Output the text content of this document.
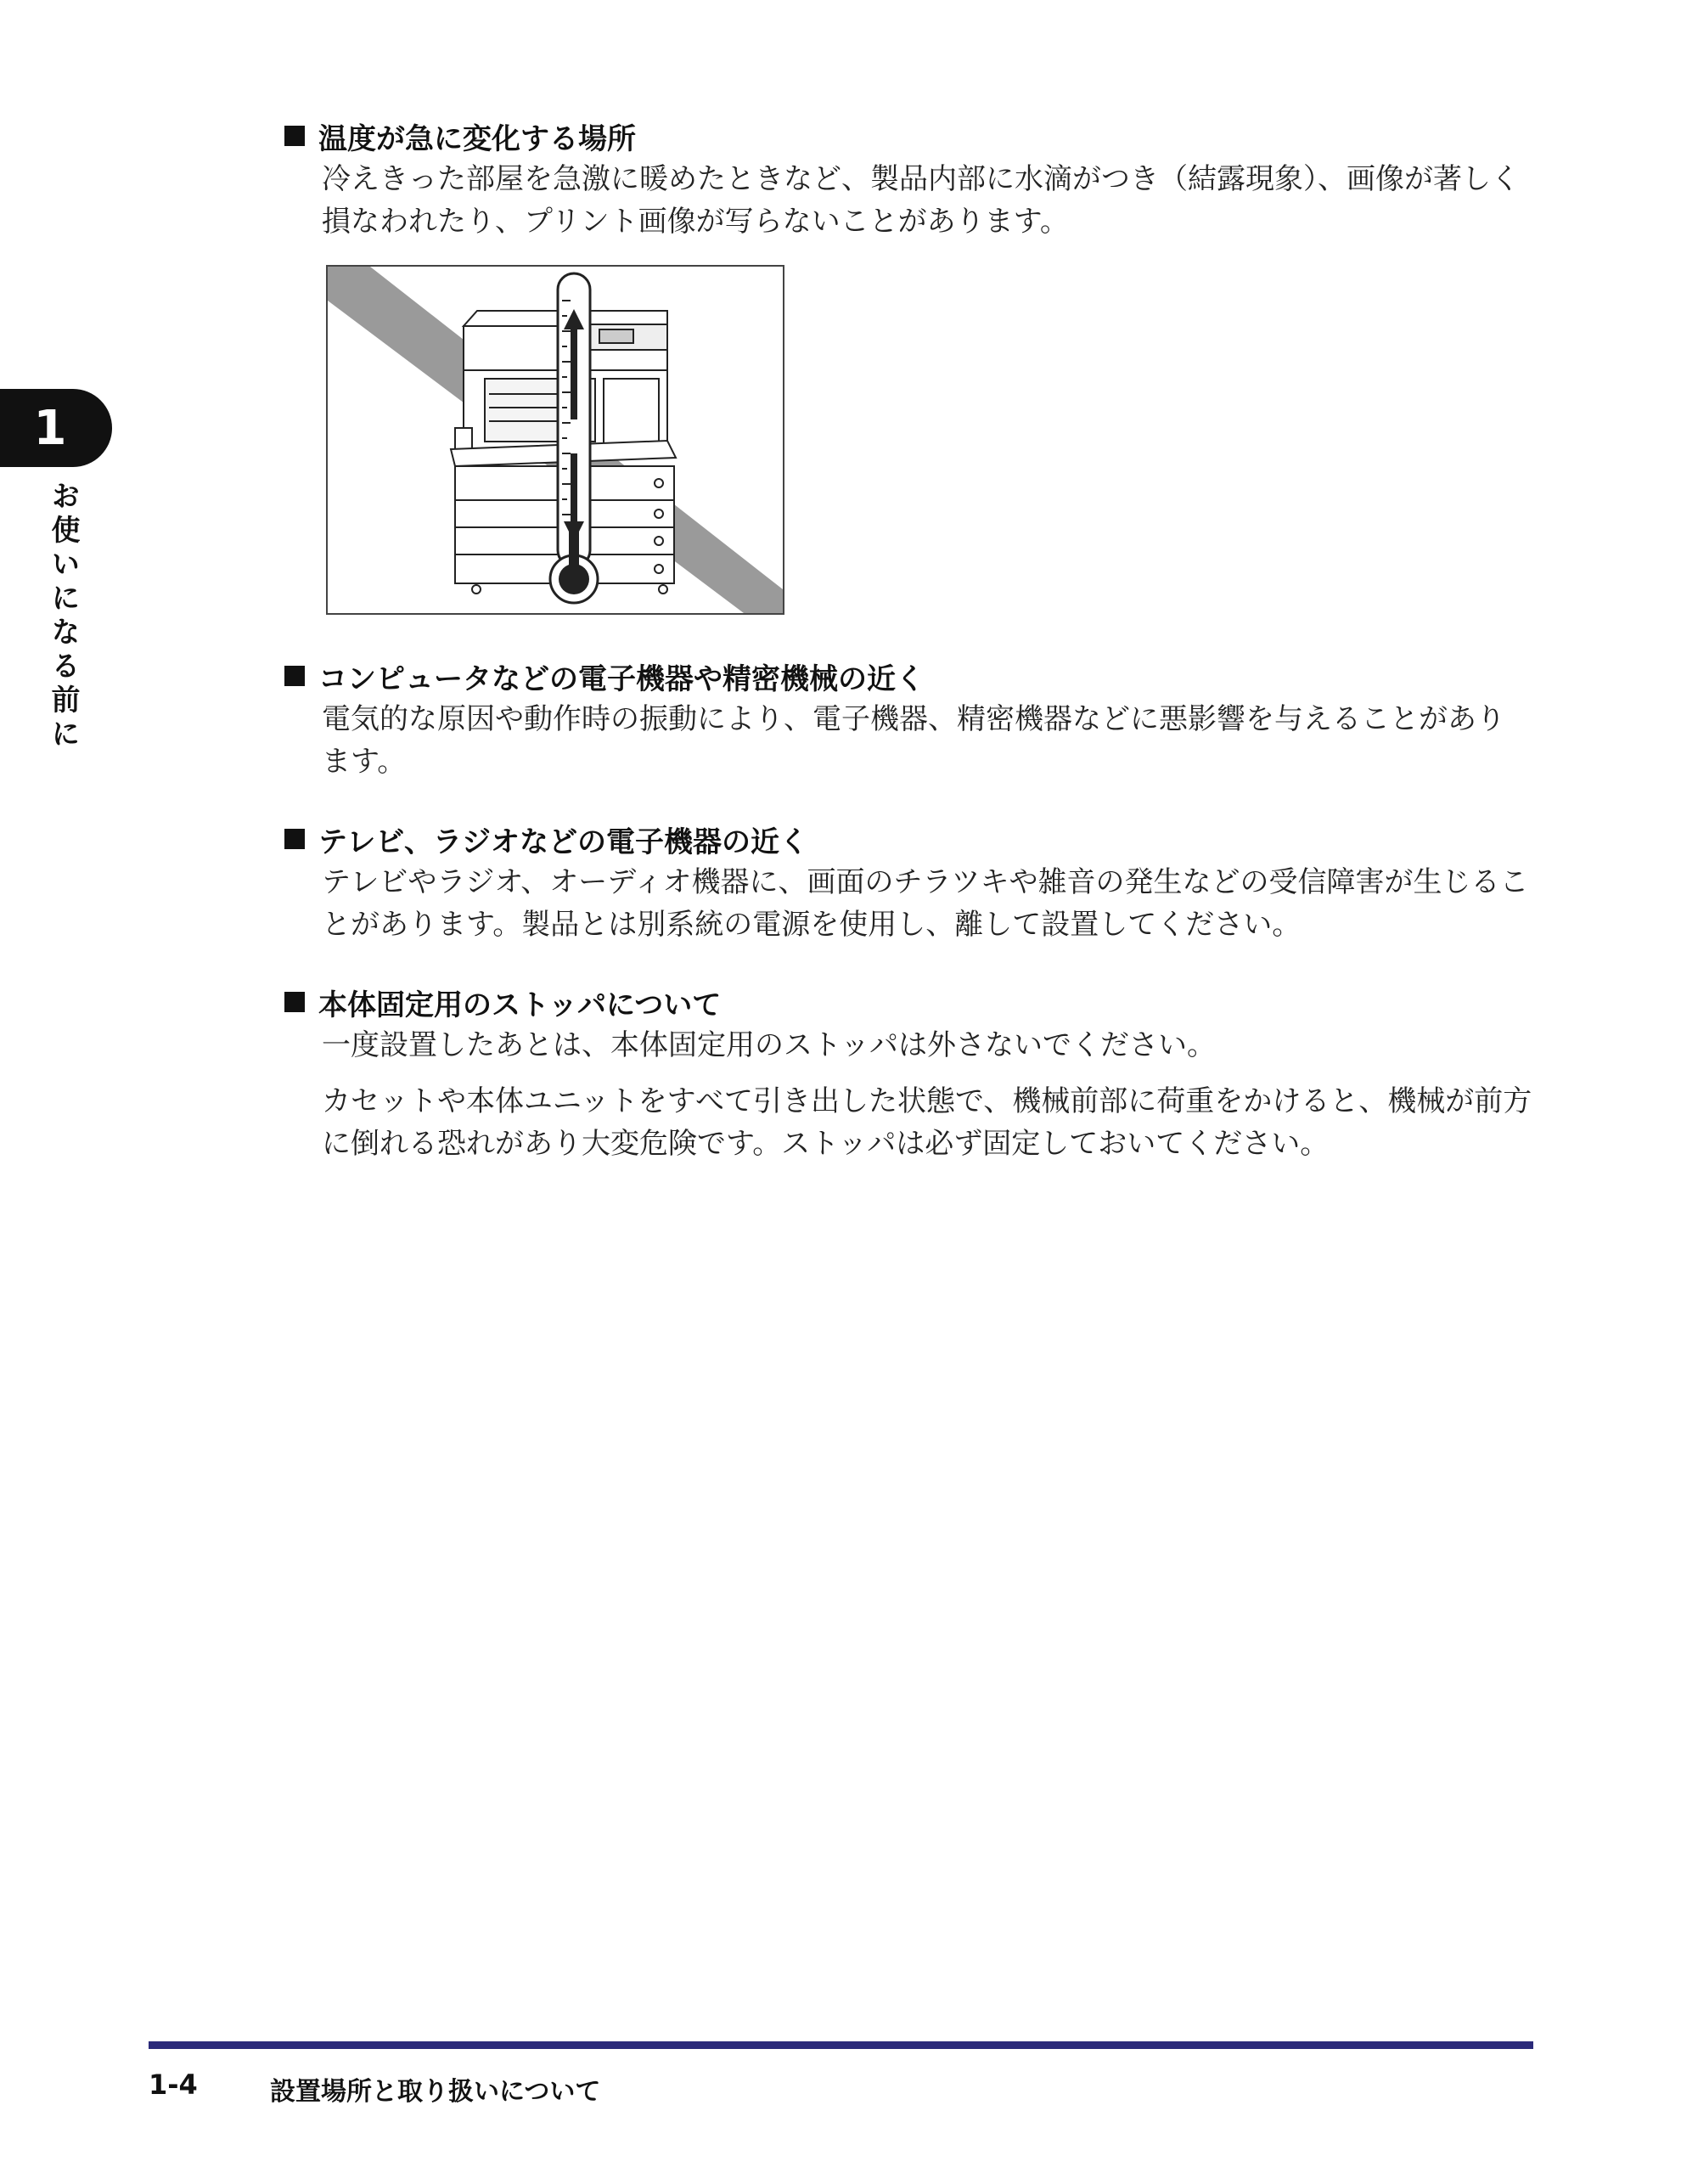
1
お使いになる前に
温度が急に変化する場所
冷えきった部屋を急激に暖めたときなど、製品内部に水滴がつき（結露現象）、画像が著しく損なわれたり、プリント画像が写らないことがあります。
コンピュータなどの電子機器や精密機械の近く
電気的な原因や動作時の振動により、電子機器、精密機器などに悪影響を与えることがあります。
テレビ、ラジオなどの電子機器の近く
テレビやラジオ、オーディオ機器に、画面のチラツキや雑音の発生などの受信障害が生じることがあります。製品とは別系統の電源を使用し、離して設置してください。
本体固定用のストッパについて
一度設置したあとは、本体固定用のストッパは外さないでください。
カセットや本体ユニットをすべて引き出した状態で、機械前部に荷重をかけると、機械が前方に倒れる恐れがあり大変危険です。ストッパは必ず固定しておいてください。
1-4	設置場所と取り扱いについて
